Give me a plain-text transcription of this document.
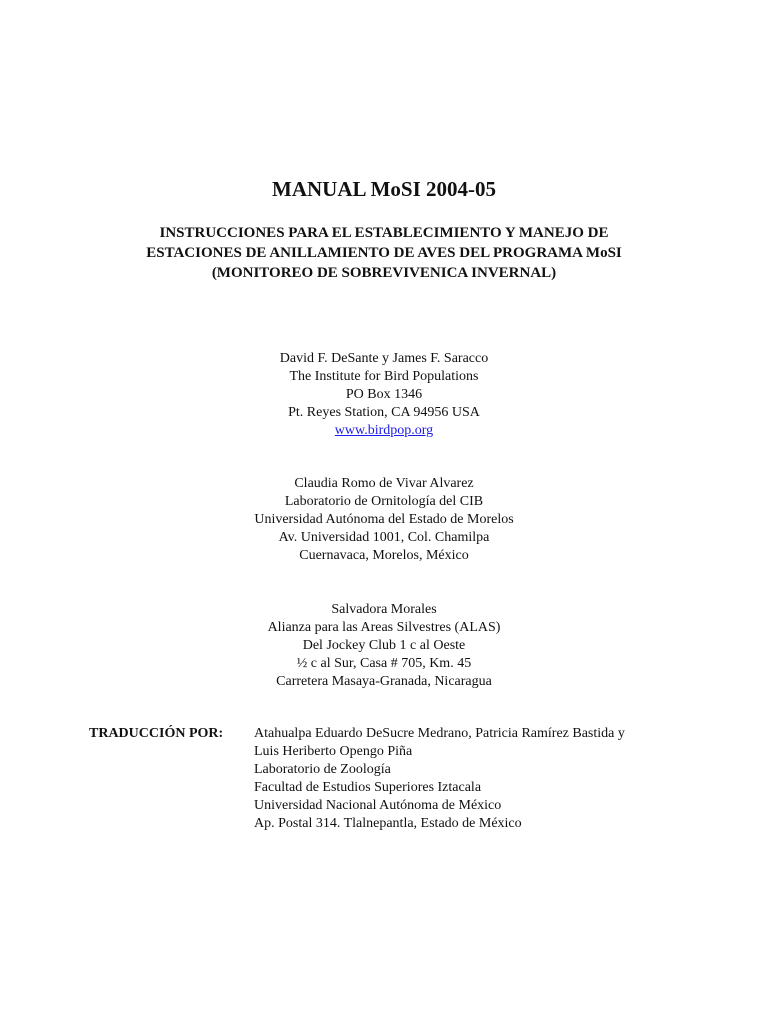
MANUAL MoSI 2004-05
INSTRUCCIONES PARA EL ESTABLECIMIENTO Y MANEJO DE
ESTACIONES DE ANILLAMIENTO DE AVES DEL PROGRAMA MoSI
(MONITOREO DE SOBREVIVENICA INVERNAL)
David F. DeSante y James F. Saracco
The Institute for Bird Populations
PO Box 1346
Pt. Reyes Station, CA 94956 USA
www.birdpop.org
Claudia Romo de Vivar Alvarez
Laboratorio de Ornitología del CIB
Universidad Autónoma del Estado de Morelos
Av. Universidad 1001, Col. Chamilpa
Cuernavaca, Morelos, México
Salvadora Morales
Alianza para las Areas Silvestres (ALAS)
Del Jockey Club 1 c al Oeste
½ c al Sur, Casa # 705, Km. 45
Carretera Masaya-Granada, Nicaragua
TRADUCCIÓN POR: Atahualpa Eduardo DeSucre Medrano, Patricia Ramírez Bastida y
Luis Heriberto Opengo Piña
Laboratorio de Zoología
Facultad de Estudios Superiores Iztacala
Universidad Nacional Autónoma de México
Ap. Postal 314. Tlalnepantla, Estado de México
